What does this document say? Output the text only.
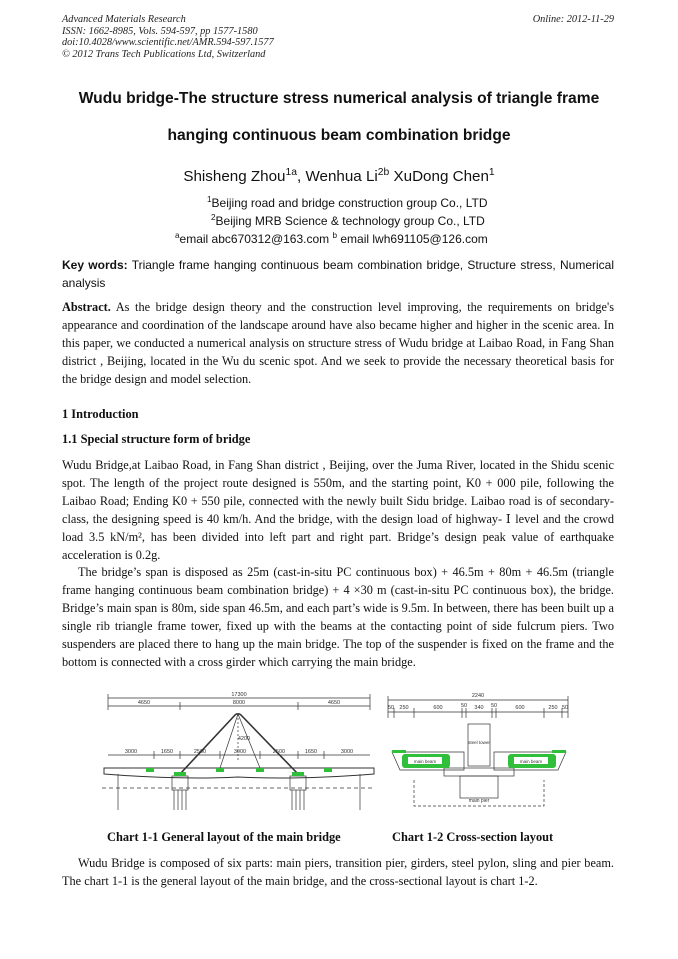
Advanced Materials Research
ISSN: 1662-8985, Vols. 594-597, pp 1577-1580
doi:10.4028/www.scientific.net/AMR.594-597.1577
© 2012 Trans Tech Publications Ltd, Switzerland
Online: 2012-11-29
Wudu bridge-The structure stress numerical analysis of triangle frame
hanging continuous beam combination bridge
Shisheng Zhou$^{1a}$, Wenhua $Li^{2b}$ XuDong Chen$^1$
$^1$Beijing road and bridge construction group Co., LTD
$^2$Beijing MRB Science & technology group Co., LTD
$^a$email abc670312@163.com $^b$ email lwh691105@126.com
Key words: Triangle frame hanging continuous beam combination bridge, Structure stress, Numerical analysis
Abstract. As the bridge design theory and the construction level improving, the requirements on bridge's appearance and coordination of the landscape around have also became higher and higher in the scenic area. In this paper, we conducted a numerical analysis on structure stress of Wudu bridge at Laibao Road, in Fang Shan district , Beijing, located in the Wu du scenic spot. And we seek to provide the necessary theoretical basis for the bridge design and model selection.
1 Introduction
1.1 Special structure form of bridge
Wudu Bridge,at Laibao Road, in Fang Shan district , Beijing, over the Juma River, located in the Shidu scenic spot. The length of the project route designed is 550m, and the starting point, K0 + 000 pile, following the Laibao Road; Ending K0 + 550 pile, connected with the newly built Sidu bridge. Laibao road is of secondary-class, the designing speed is 40 km/h. And the bridge, with the design load of highway- Ⅰ level and the crowd load 3.5 kN/m², has been divided into left part and right part. Bridge’s design peak value of earthquake acceleration is 0.2g.
The bridge’s span is disposed as 25m (cast-in-situ PC continuous box) + 46.5m + 80m + 46.5m (triangle frame hanging continuous beam combination bridge) + 4 ×30 m (cast-in-situ PC continuous box), the bridge. Bridge’s main span is 80m, side span 46.5m, and each part’s wide is 9.5m. In between, there has been built up a single rib triangle frame tower, fixed up with the beams at the contacting point of side fulcrum piers. Two suspenders are placed there to hang up the main bridge. The top of the suspender is fixed on the frame and the bottom is connected with a cross girder which carrying the main bridge.
17300
4650	8000	4650
3000	1650	2500	3000	2500	1650	3000
4200
2240
50 250	600	50 340 50	600	250 50
steel tower
main beam	main beam
main pier
Chart 1-1 General layout of the main bridge	Chart 1-2 Cross-section layout
Wudu Bridge is composed of six parts: main piers, transition pier, girders, steel pylon, sling and pier beam. The chart 1-1 is the general layout of the main bridge, and the cross-sectional layout is chart 1-2.
